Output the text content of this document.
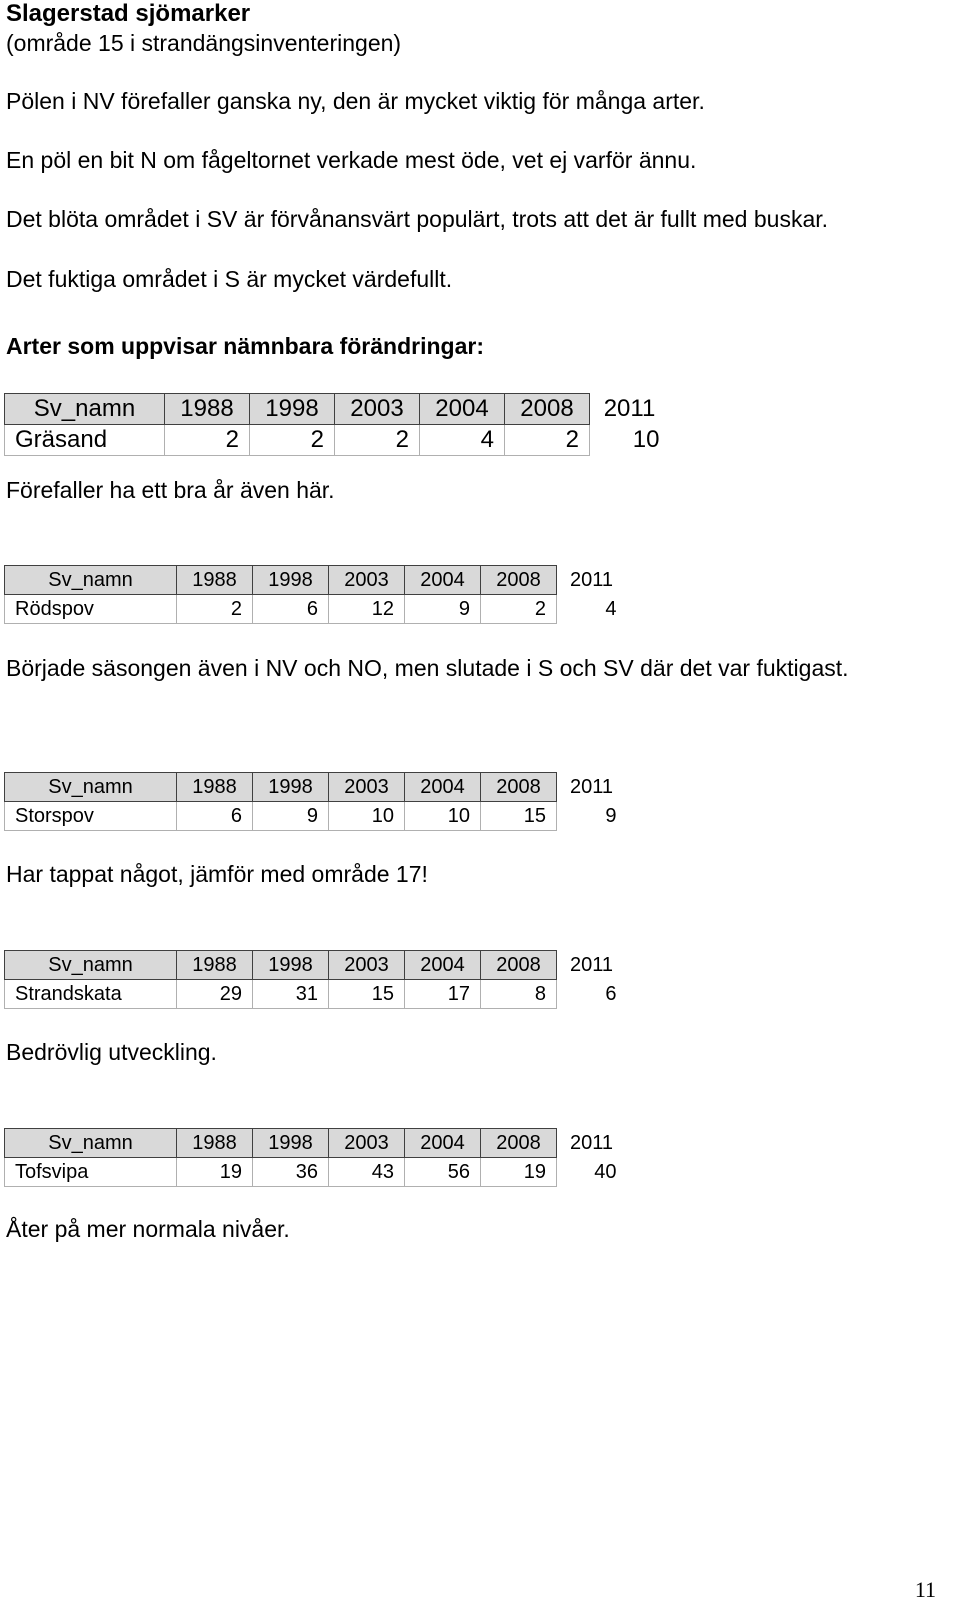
Slagerstad sjömarker
(område 15 i strandängsinventeringen)
Pölen i NV förefaller ganska ny, den är mycket viktig för många arter.
En pöl en bit N om fågeltornet verkade mest öde, vet ej varför ännu.
Det blöta området i SV är förvånansvärt populärt, trots att det är fullt med buskar.
Det fuktiga området i S är mycket värdefullt.
Arter som uppvisar nämnbara förändringar:
Sv_namn	1988	1998	2003	2004	2008	2011
Gräsand	2	2	2	4	2	10
Förefaller ha ett bra år även här.
Sv_namn	1988	1998	2003	2004	2008	2011
Rödspov	2	6	12	9	2	4
Började säsongen även i NV och NO, men slutade i S och SV där det var fuktigast.
Sv_namn	1988	1998	2003	2004	2008	2011
Storspov	6	9	10	10	15	9
Har tappat något, jämför med område 17!
Sv_namn	1988	1998	2003	2004	2008	2011
Strandskata	29	31	15	17	8	6
Bedrövlig utveckling.
Sv_namn	1988	1998	2003	2004	2008	2011
Tofsvipa	19	36	43	56	19	40
Åter på mer normala nivåer.
11
